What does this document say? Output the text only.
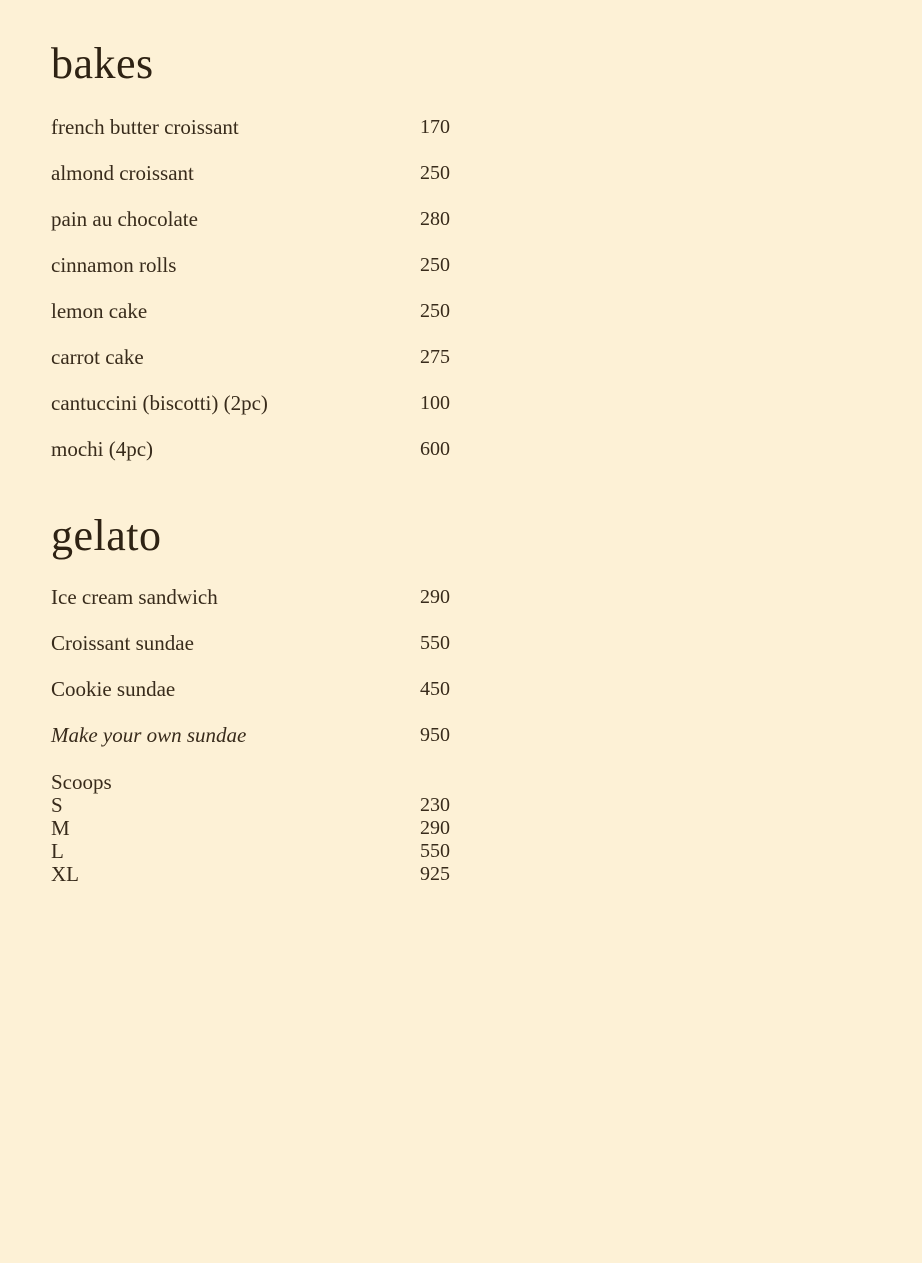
bakes
french butter croissant	170
almond croissant	250
pain au chocolate	280
cinnamon rolls	250
lemon cake	250
carrot cake	275
cantuccini (biscotti) (2pc)	100
mochi (4pc)	600
gelato
Ice cream sandwich	290
Croissant sundae	550
Cookie sundae	450
Make your own sundae	950
Scoops
S	230
M	290
L	550
XL	925
